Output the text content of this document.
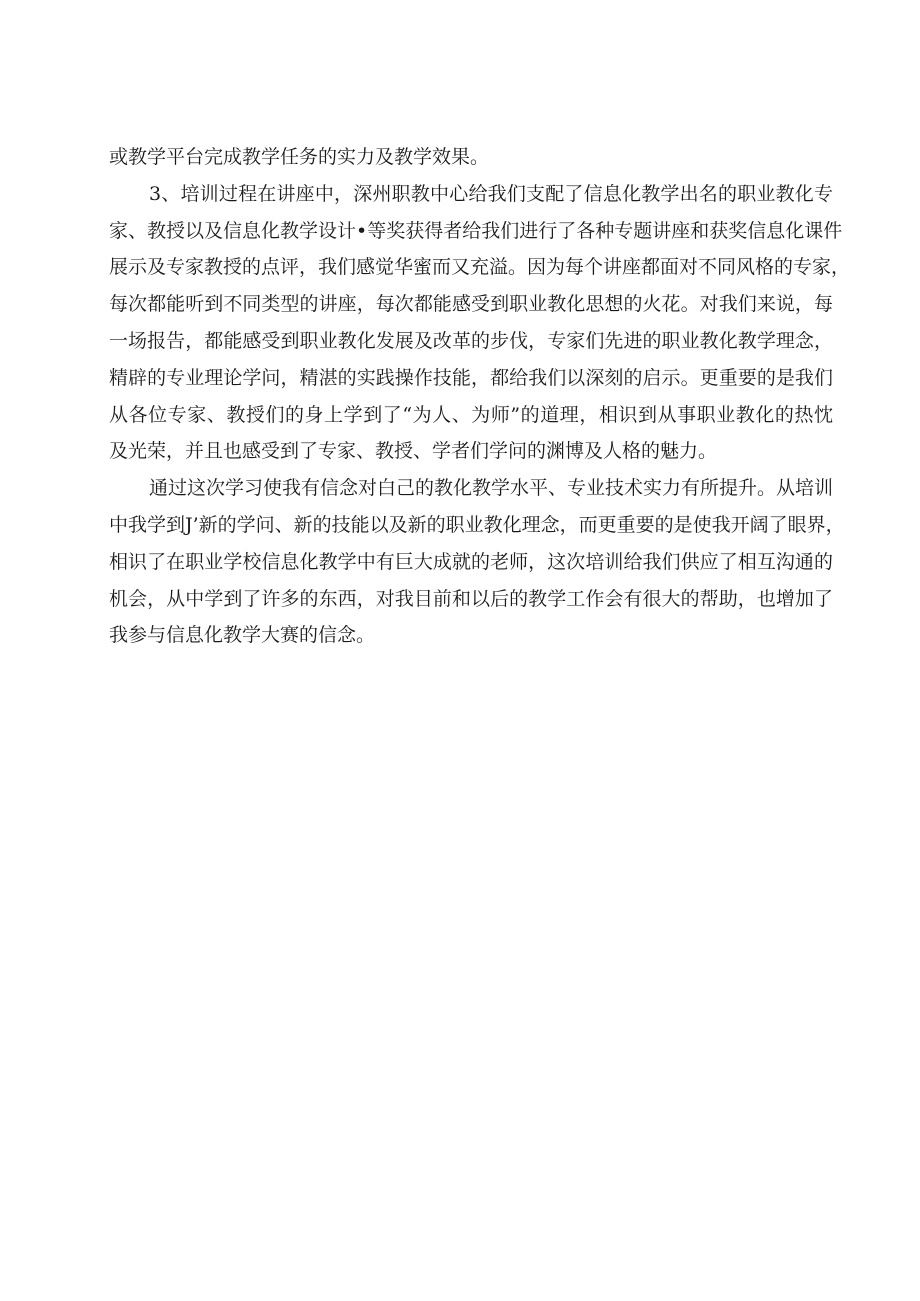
或教学平台完成教学任务的实力及教学效果。
3、培训过程在讲座中，深州职教中心给我们支配了信息化教学出名的职业教化专
家、教授以及信息化教学设计•等奖获得者给我们进行了各种专题讲座和获奖信息化课件
展示及专家教授的点评，我们感觉华蜜而又充溢。因为每个讲座都面对不同风格的专家，
每次都能听到不同类型的讲座，每次都能感受到职业教化思想的火花。对我们来说，每
一场报告，都能感受到职业教化发展及改革的步伐，专家们先进的职业教化教学理念，
精辟的专业理论学问，精湛的实践操作技能，都给我们以深刻的启示。更重要的是我们
从各位专家、教授们的身上学到了“为人、为师”的道理，相识到从事职业教化的热忱
及光荣，并且也感受到了专家、教授、学者们学问的渊博及人格的魅力。
通过这次学习使我有信念对白己的教化教学水平、专业技术实力有所提升。从培训
中我学到J’新的学问、新的技能以及新的职业教化理念，而更重要的是使我开阔了眼界，
相识了在职业学校信息化教学中有巨大成就的老师，这次培训给我们供应了相互沟通的
机会，从中学到了许多的东西，对我目前和以后的教学工作会有很大的帮助，也增加了
我参与信息化教学大赛的信念。
